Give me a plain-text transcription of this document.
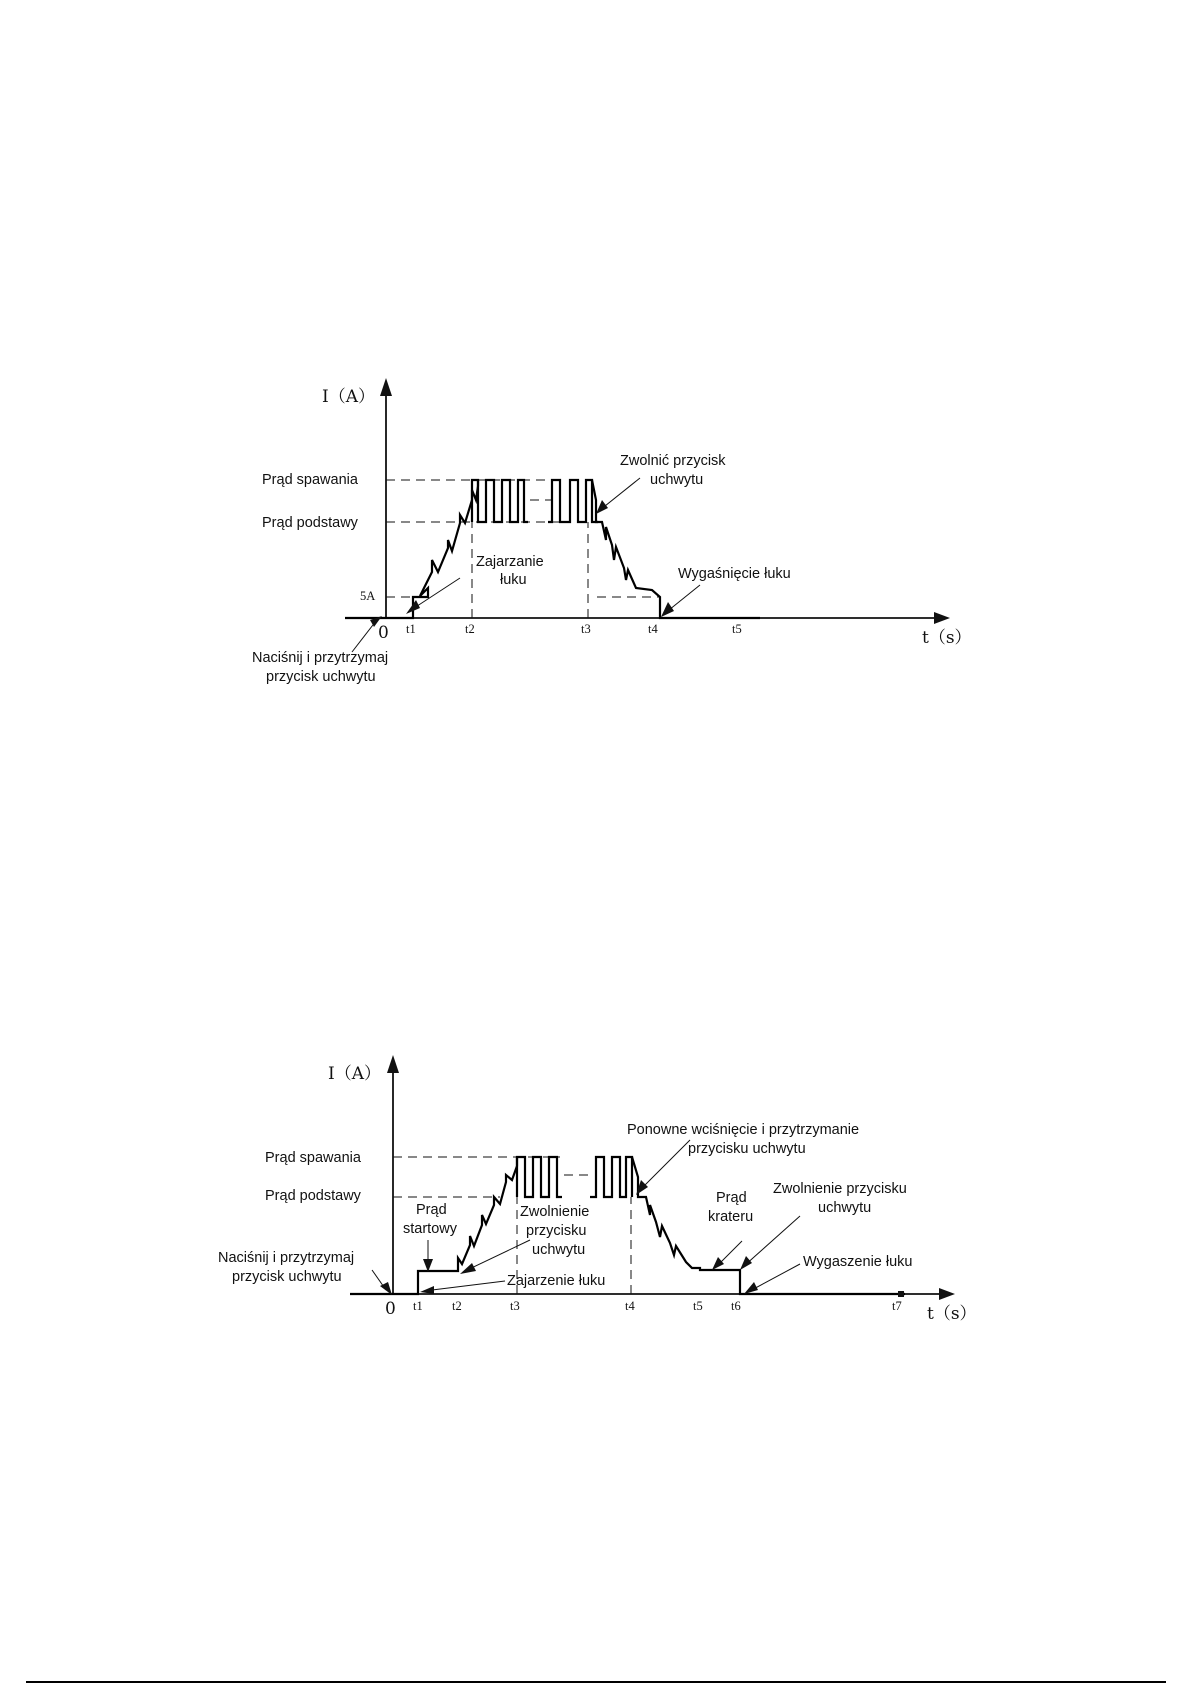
I（A）
t（s）
Prąd spawania
Prąd podstawy
5A
0 t1	t2	t3	t4	t5
Zajarzanie
łuku
Zwolnić przycisk
uchwytu
Wygaśnięcie łuku
Naciśnij i przytrzymaj
przycisk uchwytu
I（A）
t（s）
Prąd spawania
Prąd podstawy
0 t1 t2	t3	t4	t5 t6	t7
Prąd
startowy
Zwolnienie
przycisku
uchwytu
Zajarzenie łuku
Ponowne wciśnięcie i przytrzymanie
przycisku uchwytu
Prąd
krateru
Zwolnienie przycisku
uchwytu
Wygaszenie łuku
Naciśnij i przytrzymaj
przycisk uchwytu
